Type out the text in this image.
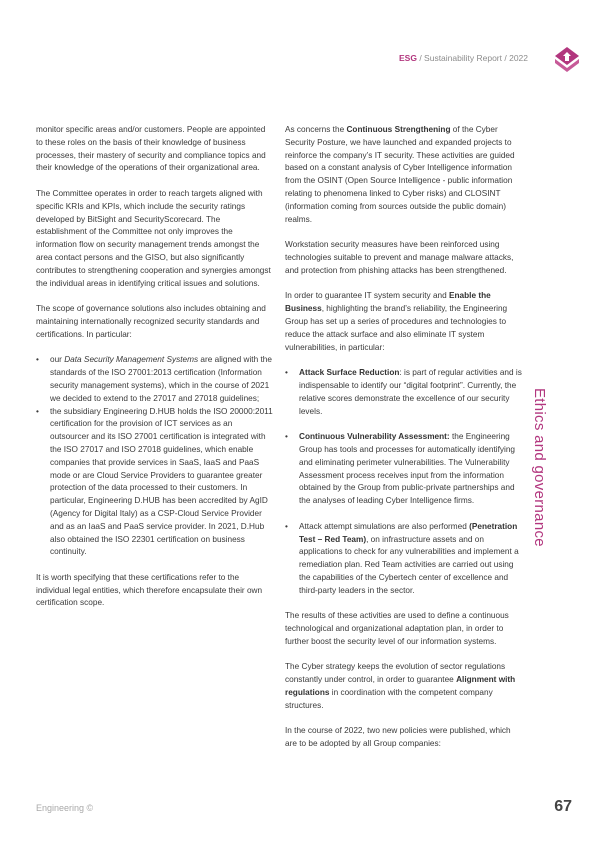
ESG / Sustainability Report / 2022

monitor specific areas and/or customers. People are appointed to these roles on the basis of their knowledge of business processes, their mastery of security and compliance topics and their knowledge of the operations of their organizational area.

The Committee operates in order to reach targets aligned with specific KRIs and KPIs, which include the security ratings developed by BitSight and SecurityScorecard. The establishment of the Committee not only improves the information flow on security management trends amongst the area contact persons and the GISO, but also significantly contributes to strengthening cooperation and synergies amongst the individual areas in identifying critical issues and solutions.

The scope of governance solutions also includes obtaining and maintaining internationally recognized security standards and certifications. In particular:

• our Data Security Management Systems are aligned with the standards of the ISO 27001:2013 certification (Information security management systems), which in the course of 2021 we decided to extend to the 27017 and 27018 guidelines;
• the subsidiary Engineering D.HUB holds the ISO 20000:2011 certification for the provision of ICT services as an outsourcer and its ISO 27001 certification is integrated with the ISO 27017 and ISO 27018 guidelines, which enable companies that provide services in SaaS, IaaS and PaaS mode or are Cloud Service Providers to guarantee greater protection of the data processed to their customers. In particular, Engineering D.HUB has been accredited by AgID (Agency for Digital Italy) as a CSP-Cloud Service Provider and as an IaaS and PaaS service provider. In 2021, D.Hub also obtained the ISO 22301 certification on business continuity.

It is worth specifying that these certifications refer to the individual legal entities, which therefore encapsulate their own certification scope.

As concerns the Continuous Strengthening of the Cyber Security Posture, we have launched and expanded projects to reinforce the company’s IT security. These activities are guided based on a constant analysis of Cyber Intelligence information from the OSINT (Open Source Intelligence - public information relating to phenomena linked to Cyber risks) and CLOSINT (information coming from sources outside the public domain) realms.

Workstation security measures have been reinforced using technologies suitable to prevent and manage malware attacks, and protection from phishing attacks has been strengthened.

In order to guarantee IT system security and Enable the Business, highlighting the brand’s reliability, the Engineering Group has set up a series of procedures and technologies to reduce the attack surface and also eliminate IT system vulnerabilities, in particular:

• Attack Surface Reduction: is part of regular activities and is indispensable to identify our “digital footprint”. Currently, the relative scores demonstrate the excellence of our security levels.
• Continuous Vulnerability Assessment: the Engineering Group has tools and processes for automatically identifying and eliminating perimeter vulnerabilities. The Vulnerability Assessment process receives input from the information obtained by the Group from public-private partnerships and the analyses of leading Cyber Intelligence firms.
• Attack attempt simulations are also performed (Penetration Test – Red Team), on infrastructure assets and on applications to check for any vulnerabilities and implement a remediation plan. Red Team activities are carried out using the capabilities of the Cybertech center of excellence and third-party leaders in the sector.

The results of these activities are used to define a continuous technological and organizational adaptation plan, in order to further boost the security level of our information systems.

The Cyber strategy keeps the evolution of sector regulations constantly under control, in order to guarantee Alignment with regulations in coordination with the competent company structures.

In the course of 2022, two new policies were published, which are to be adopted by all Group companies:

Ethics and governance
Engineering ©	67
